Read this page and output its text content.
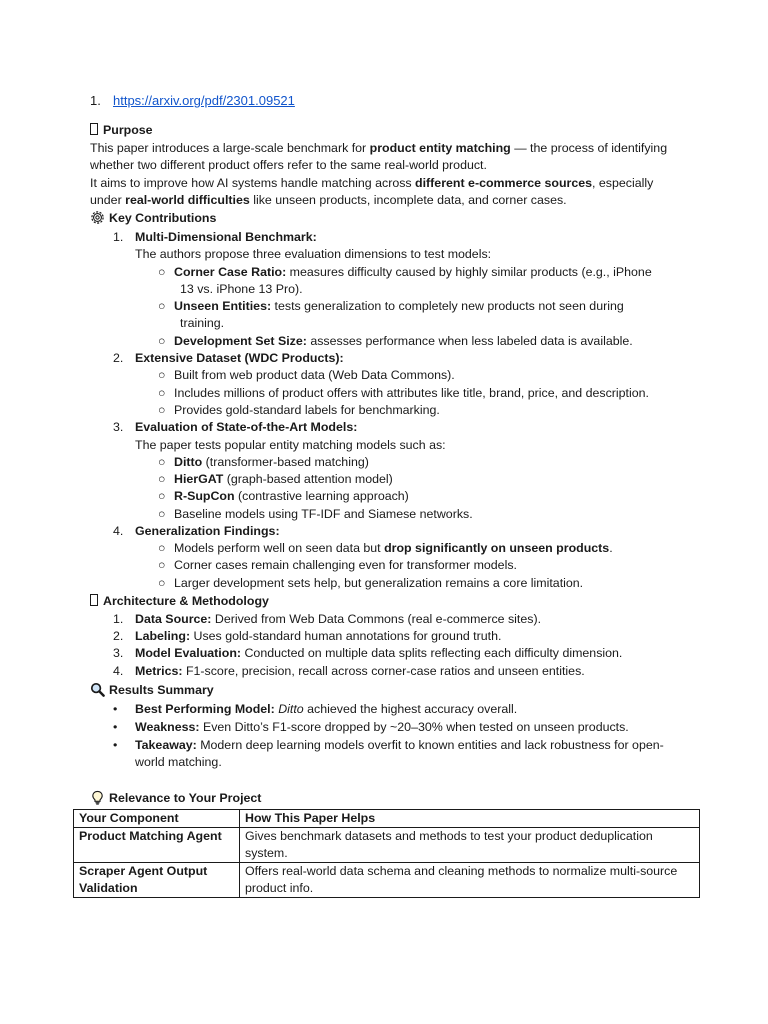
1. https://arxiv.org/pdf/2301.09521
Purpose
This paper introduces a large-scale benchmark for product entity matching — the process of identifying
whether two different product offers refer to the same real-world product.
It aims to improve how AI systems handle matching across different e-commerce sources, especially
under real-world difficulties like unseen products, incomplete data, and corner cases.
Key Contributions
1. Multi-Dimensional Benchmark:
The authors propose three evaluation dimensions to test models:
○ Corner Case Ratio: measures difficulty caused by highly similar products (e.g., iPhone
13 vs. iPhone 13 Pro).
○ Unseen Entities: tests generalization to completely new products not seen during
training.
○ Development Set Size: assesses performance when less labeled data is available.
2. Extensive Dataset (WDC Products):
○ Built from web product data (Web Data Commons).
○ Includes millions of product offers with attributes like title, brand, price, and description.
○ Provides gold-standard labels for benchmarking.
3. Evaluation of State-of-the-Art Models:
The paper tests popular entity matching models such as:
○ Ditto (transformer-based matching)
○ HierGAT (graph-based attention model)
○ R-SupCon (contrastive learning approach)
○ Baseline models using TF-IDF and Siamese networks.
4. Generalization Findings:
○ Models perform well on seen data but drop significantly on unseen products.
○ Corner cases remain challenging even for transformer models.
○ Larger development sets help, but generalization remains a core limitation.
Architecture & Methodology
1. Data Source: Derived from Web Data Commons (real e-commerce sites).
2. Labeling: Uses gold-standard human annotations for ground truth.
3. Model Evaluation: Conducted on multiple data splits reflecting each difficulty dimension.
4. Metrics: F1-score, precision, recall across corner-case ratios and unseen entities.
Results Summary
• Best Performing Model: Ditto achieved the highest accuracy overall.
• Weakness: Even Ditto’s F1-score dropped by ~20–30% when tested on unseen products.
• Takeaway: Modern deep learning models overfit to known entities and lack robustness for open-
world matching.
Relevance to Your Project
Your Component	How This Paper Helps
Product Matching Agent	Gives benchmark datasets and methods to test your product deduplication
system.
Scraper Agent Output
Validation	Offers real-world data schema and cleaning methods to normalize multi-source
product info.
